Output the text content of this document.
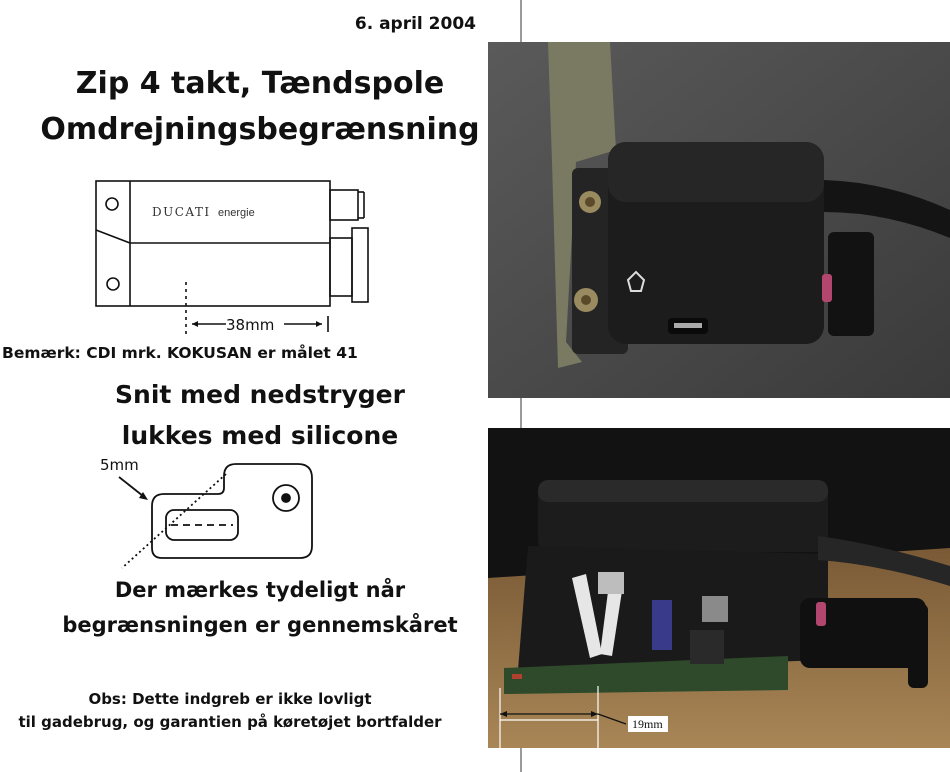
6. april 2004
Zip 4 takt, Tændspole
Omdrejningsbegrænsning
DUCATI energie
38mm
Bemærk: CDI mrk. KOKUSAN er målet 41
Snit med nedstryger
lukkes med silicone
5mm
Der mærkes tydeligt når
begrænsningen er gennemskåret
Obs: Dette indgreb er ikke lovligt
til gadebrug, og garantien på køretøjet bortfalder	19mm
